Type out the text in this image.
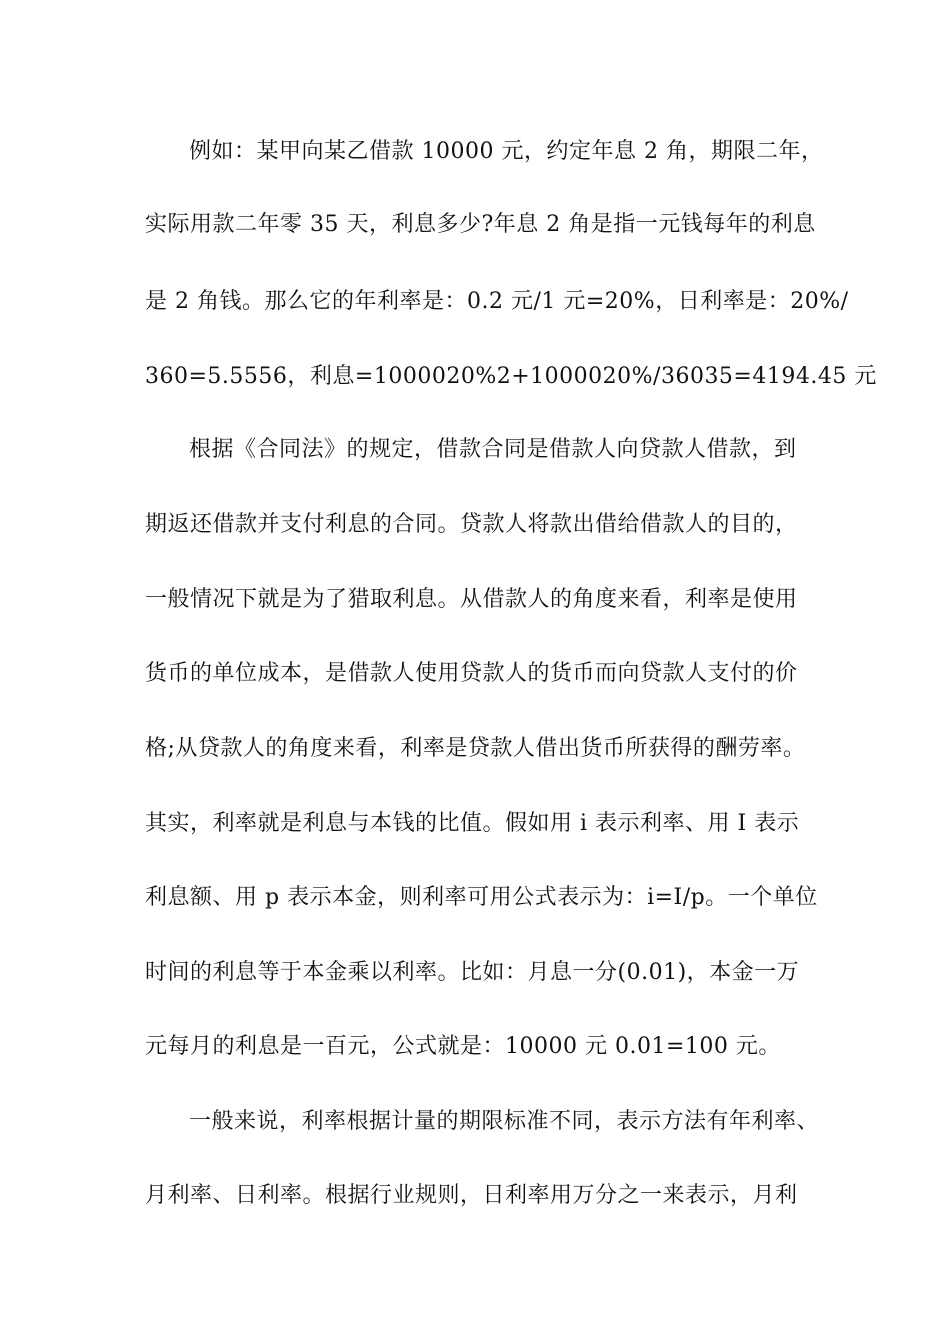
例如：某甲向某乙借款 10000 元，约定年息 2 角，期限二年，
实际用款二年零 35 天，利息多少?年息 2 角是指一元钱每年的利息
是 2 角钱。那么它的年利率是：0.2 元/1 元=20%，日利率是：20%/
360=5.5556，利息=1000020%2+1000020%/36035=4194.45 元
根据《合同法》的规定，借款合同是借款人向贷款人借款，到
期返还借款并支付利息的合同。贷款人将款出借给借款人的目的，
一般情况下就是为了猎取利息。从借款人的角度来看，利率是使用
货币的单位成本，是借款人使用贷款人的货币而向贷款人支付的价
格;从贷款人的角度来看，利率是贷款人借出货币所获得的酬劳率。
其实，利率就是利息与本钱的比值。假如用 i 表示利率、用 I 表示
利息额、用 p 表示本金，则利率可用公式表示为：i=I/p。一个单位
时间的利息等于本金乘以利率。比如：月息一分(0.01)，本金一万
元每月的利息是一百元，公式就是：10000 元 0.01=100 元。
一般来说，利率根据计量的期限标准不同，表示方法有年利率、
月利率、日利率。根据行业规则，日利率用万分之一来表示，月利
